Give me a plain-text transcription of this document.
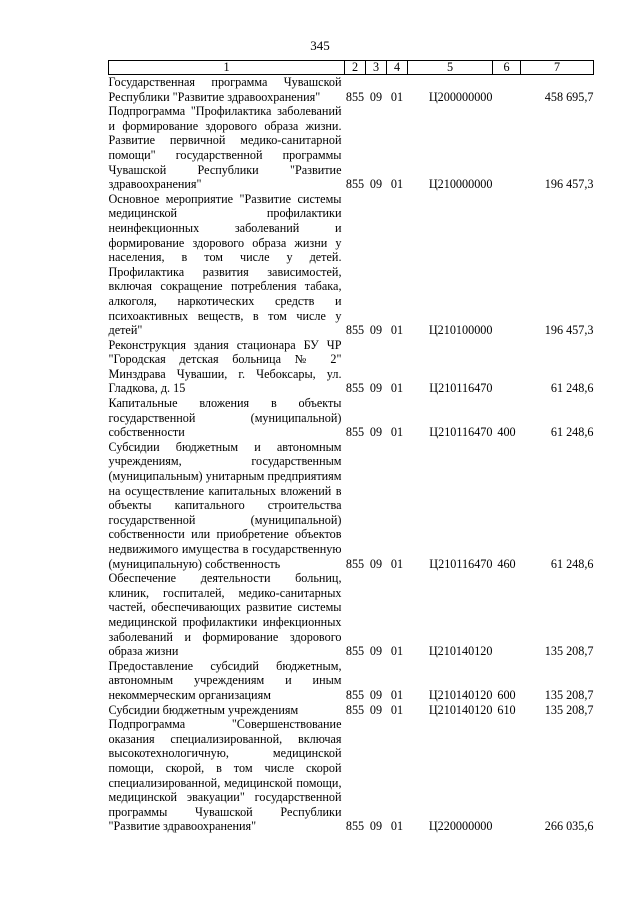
345
1	2	3	4	5	6	7
Государственная программа Чувашской Республики "Развитие здравоохранения"	855	09	01	Ц200000000		458 695,7
Подпрограмма "Профилактика заболеваний и формирование здорового образа жизни. Развитие первичной медико-санитарной помощи" государственной программы Чувашской Республики "Развитие здравоохранения"	855	09	01	Ц210000000		196 457,3
Основное мероприятие "Развитие системы медицинской профилактики неинфекционных заболеваний и формирование здорового образа жизни у населения, в том числе у детей. Профилактика развития зависимостей, включая сокращение потребления табака, алкоголя, наркотических средств и психоактивных веществ, в том числе у детей"	855	09	01	Ц210100000		196 457,3
Реконструкция здания стационара БУ ЧР "Городская детская больница № 2" Минздрава Чувашии, г. Чебоксары, ул. Гладкова, д. 15	855	09	01	Ц210116470		61 248,6
Капитальные вложения в объекты государственной (муниципальной) собственности	855	09	01	Ц210116470	400	61 248,6
Субсидии бюджетным и автономным учреждениям, государственным (муниципальным) унитарным предприятиям на осуществление капитальных вложений в объекты капитального строительства государственной (муниципальной) собственности или приобретение объектов недвижимого имущества в государственную (муниципальную) собственность	855	09	01	Ц210116470	460	61 248,6
Обеспечение деятельности больниц, клиник, госпиталей, медико-санитарных частей, обеспечивающих развитие системы медицинской профилактики инфекционных заболеваний и формирование здорового образа жизни	855	09	01	Ц210140120		135 208,7
Предоставление субсидий бюджетным, автономным учреждениям и иным некоммерческим организациям	855	09	01	Ц210140120	600	135 208,7
Субсидии бюджетным учреждениям	855	09	01	Ц210140120	610	135 208,7
Подпрограмма "Совершенствование оказания специализированной, включая высокотехнологичную, медицинской помощи, скорой, в том числе скорой специализированной, медицинской помощи, медицинской эвакуации" государственной программы Чувашской Республики "Развитие здравоохранения"	855	09	01	Ц220000000		266 035,6
